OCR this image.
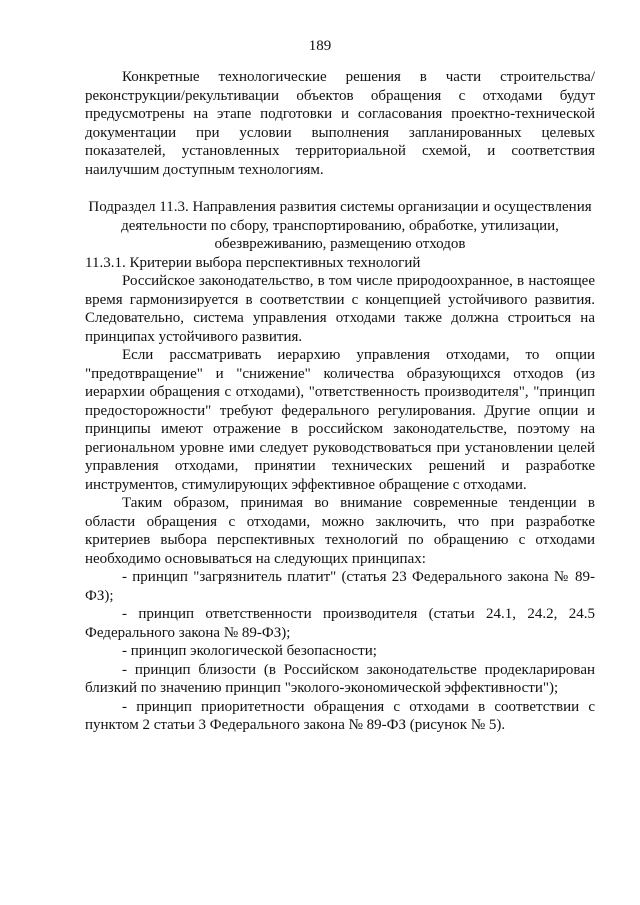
189

Конкретные технологические решения в части строительства/реконструкции/рекультивации объектов обращения с отходами будут предусмотрены на этапе подготовки и согласования проектно-технической документации при условии выполнения запланированных целевых показателей, установленных территориальной схемой, и соответствия наилучшим доступным технологиям.

Подраздел 11.3. Направления развития системы организации и осуществления деятельности по сбору, транспортированию, обработке, утилизации, обезвреживанию, размещению отходов

11.3.1. Критерии выбора перспективных технологий

Российское законодательство, в том числе природоохранное, в настоящее время гармонизируется в соответствии с концепцией устойчивого развития. Следовательно, система управления отходами также должна строиться на принципах устойчивого развития.

Если рассматривать иерархию управления отходами, то опции "предотвращение" и "снижение" количества образующихся отходов (из иерархии обращения с отходами), "ответственность производителя", "принцип предосторожности" требуют федерального регулирования. Другие опции и принципы имеют отражение в российском законодательстве, поэтому на региональном уровне ими следует руководствоваться при установлении целей управления отходами, принятии технических решений и разработке инструментов, стимулирующих эффективное обращение с отходами.

Таким образом, принимая во внимание современные тенденции в области обращения с отходами, можно заключить, что при разработке критериев выбора перспективных технологий по обращению с отходами необходимо основываться на следующих принципах:

- принцип "загрязнитель платит" (статья 23 Федерального закона № 89-ФЗ);

- принцип ответственности производителя (статьи 24.1, 24.2, 24.5 Федерального закона № 89-ФЗ);

- принцип экологической безопасности;

- принцип близости (в Российском законодательстве продекларирован близкий по значению принцип "эколого-экономической эффективности");

- принцип приоритетности обращения с отходами в соответствии с пунктом 2 статьи 3 Федерального закона № 89-ФЗ (рисунок № 5).
